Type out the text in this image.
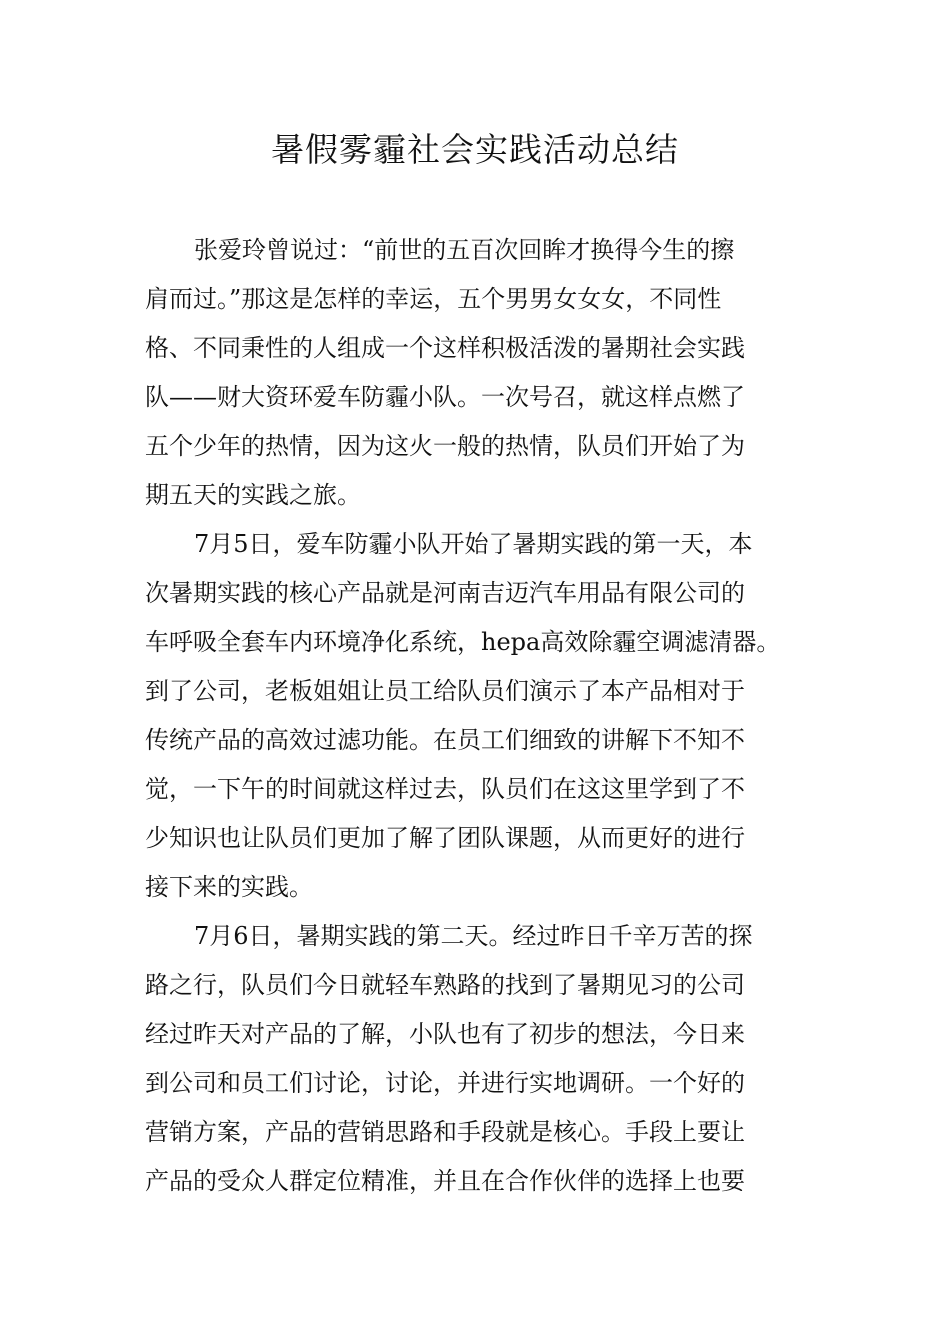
暑假雾霾社会实践活动总结

张爱玲曾说过：“前世的五百次回眸才换得今生的擦
肩而过。”那这是怎样的幸运，五个男男女女女，不同性
格、不同秉性的人组成一个这样积极活泼的暑期社会实践
队——财大资环爱车防霾小队。一次号召，就这样点燃了
五个少年的热情，因为这火一般的热情，队员们开始了为
期五天的实践之旅。

7月5日，爱车防霾小队开始了暑期实践的第一天，本
次暑期实践的核心产品就是河南吉迈汽车用品有限公司的
车呼吸全套车内环境净化系统，hepa高效除霾空调滤清器。
到了公司，老板姐姐让员工给队员们演示了本产品相对于
传统产品的高效过滤功能。在员工们细致的讲解下不知不
觉，一下午的时间就这样过去，队员们在这这里学到了不
少知识也让队员们更加了解了团队课题，从而更好的进行
接下来的实践。

7月6日，暑期实践的第二天。经过昨日千辛万苦的探
路之行，队员们今日就轻车熟路的找到了暑期见习的公司
经过昨天对产品的了解，小队也有了初步的想法，今日来
到公司和员工们讨论，讨论，并进行实地调研。一个好的
营销方案，产品的营销思路和手段就是核心。手段上要让
产品的受众人群定位精准，并且在合作伙伴的选择上也要
